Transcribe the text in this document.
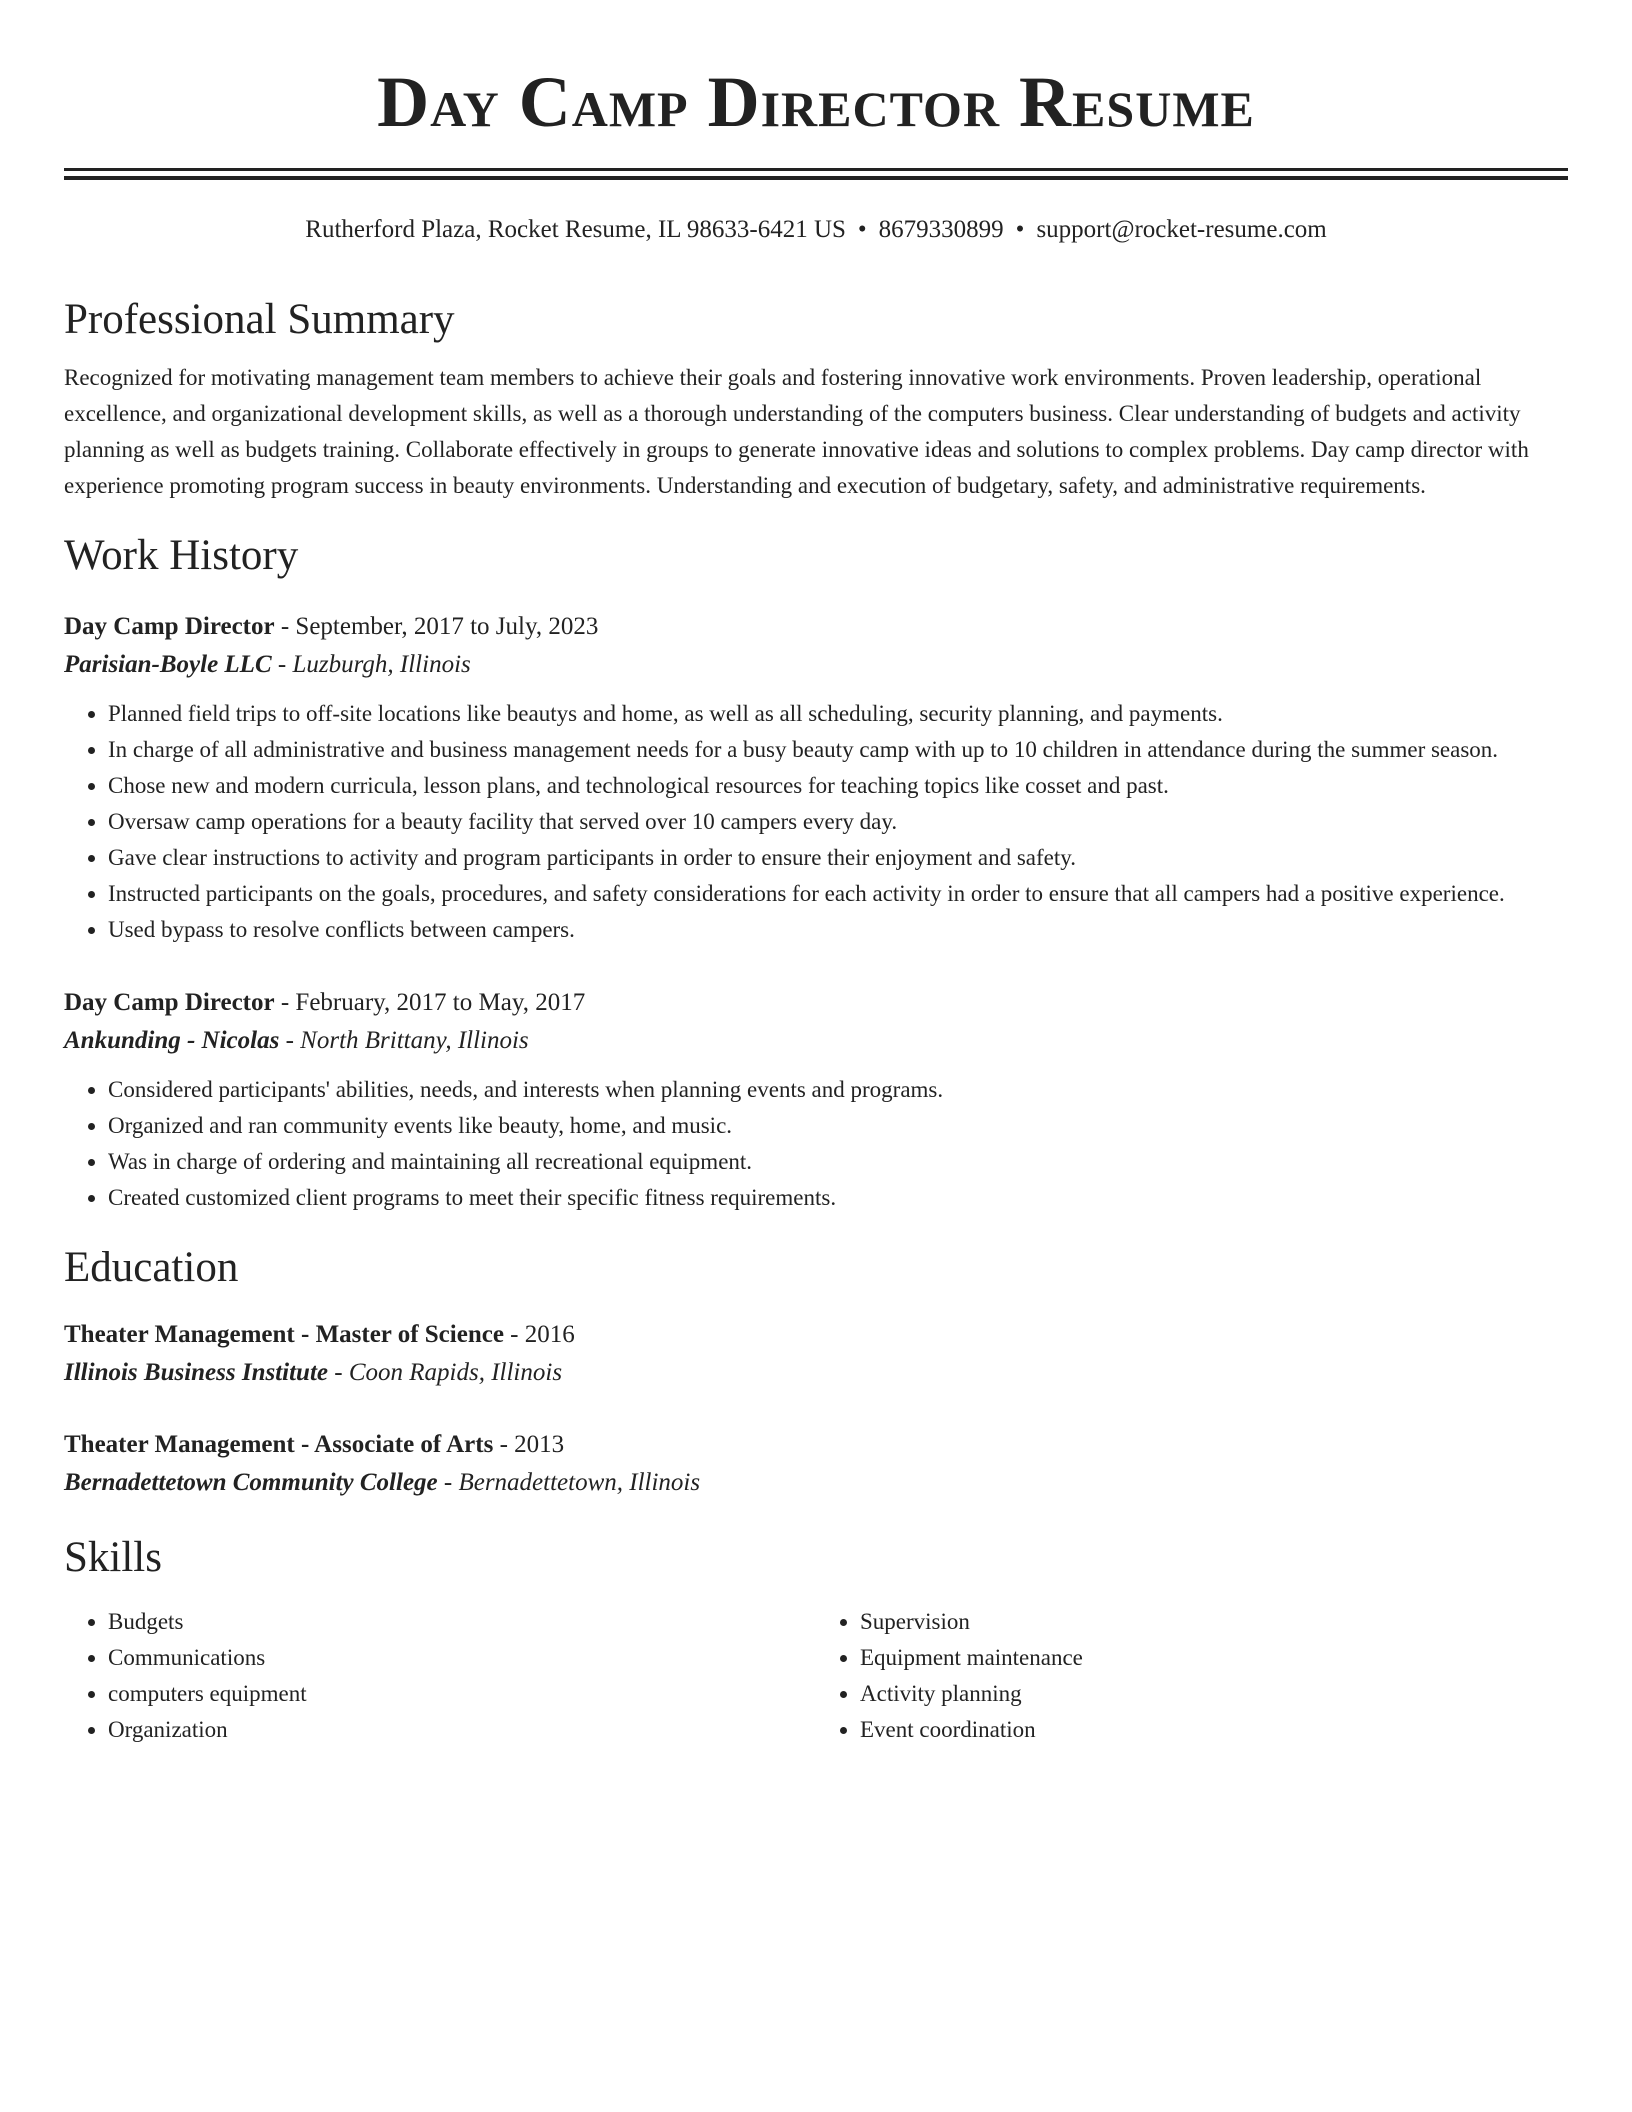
Day Camp Director Resume
Rutherford Plaza, Rocket Resume, IL 98633-6421 US • 8679330899 • support@rocket-resume.com
Professional Summary

Recognized for motivating management team members to achieve their goals and fostering innovative work environments. Proven leadership, operational excellence, and organizational development skills, as well as a thorough understanding of the computers business. Clear understanding of budgets and activity planning as well as budgets training. Collaborate effectively in groups to generate innovative ideas and solutions to complex problems. Day camp director with experience promoting program success in beauty environments. Understanding and execution of budgetary, safety, and administrative requirements.

Work History
Day Camp Director - September, 2017 to July, 2023
Parisian-Boyle LLC - Luzburgh, Illinois
• Planned field trips to off-site locations like beautys and home, as well as all scheduling, security planning, and payments.
• In charge of all administrative and business management needs for a busy beauty camp with up to 10 children in attendance during the summer season.
• Chose new and modern curricula, lesson plans, and technological resources for teaching topics like cosset and past.
• Oversaw camp operations for a beauty facility that served over 10 campers every day.
• Gave clear instructions to activity and program participants in order to ensure their enjoyment and safety.
• Instructed participants on the goals, procedures, and safety considerations for each activity in order to ensure that all campers had a positive experience.
• Used bypass to resolve conflicts between campers.
Day Camp Director - February, 2017 to May, 2017
Ankunding - Nicolas - North Brittany, Illinois
• Considered participants' abilities, needs, and interests when planning events and programs.
• Organized and ran community events like beauty, home, and music.
• Was in charge of ordering and maintaining all recreational equipment.
• Created customized client programs to meet their specific fitness requirements.
Education
Theater Management - Master of Science - 2016
Illinois Business Institute - Coon Rapids, Illinois
Theater Management - Associate of Arts - 2013
Bernadettetown Community College - Bernadettetown, Illinois
Skills
• Budgets
• Communications
• computers equipment
• Organization
• Supervision
• Equipment maintenance
• Activity planning
• Event coordination
